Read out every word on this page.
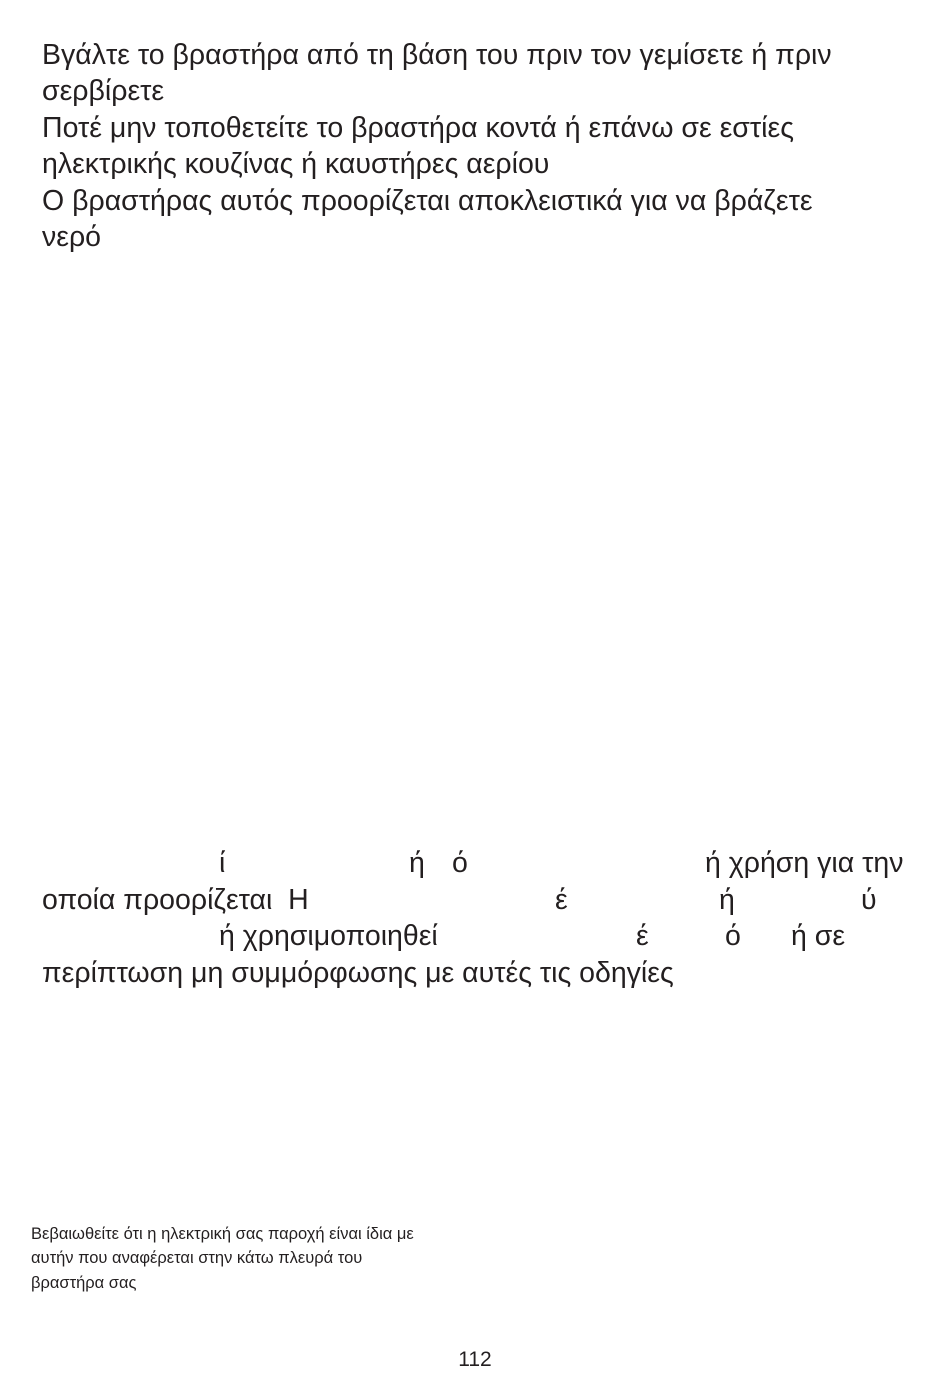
Βγάλτε το βραστήρα από τη βάση του πριν τον γεμίσετε ή πριν

σερβίρετε

Ποτέ μην τοποθετείτε το βραστήρα κοντά ή επάνω σε εστίες

ηλεκτρικής κουζίνας ή καυστήρες αερίου

Ο βραστήρας αυτός προορίζεται αποκλειστικά για να βράζετε

νερό

ί	ή ό	ή χρήση για την
οποία προορίζεται  Η	έ	ή	ύ
ή χρησιμοποιηθεί	έ	ό ή σε

περίπτωση μη συμμόρφωσης με αυτές τις οδηγίες

Βεβαιωθείτε ότι η ηλεκτρική σας παροχή είναι ίδια με

αυτήν που αναφέρεται στην κάτω πλευρά του

βραστήρα σας

112
